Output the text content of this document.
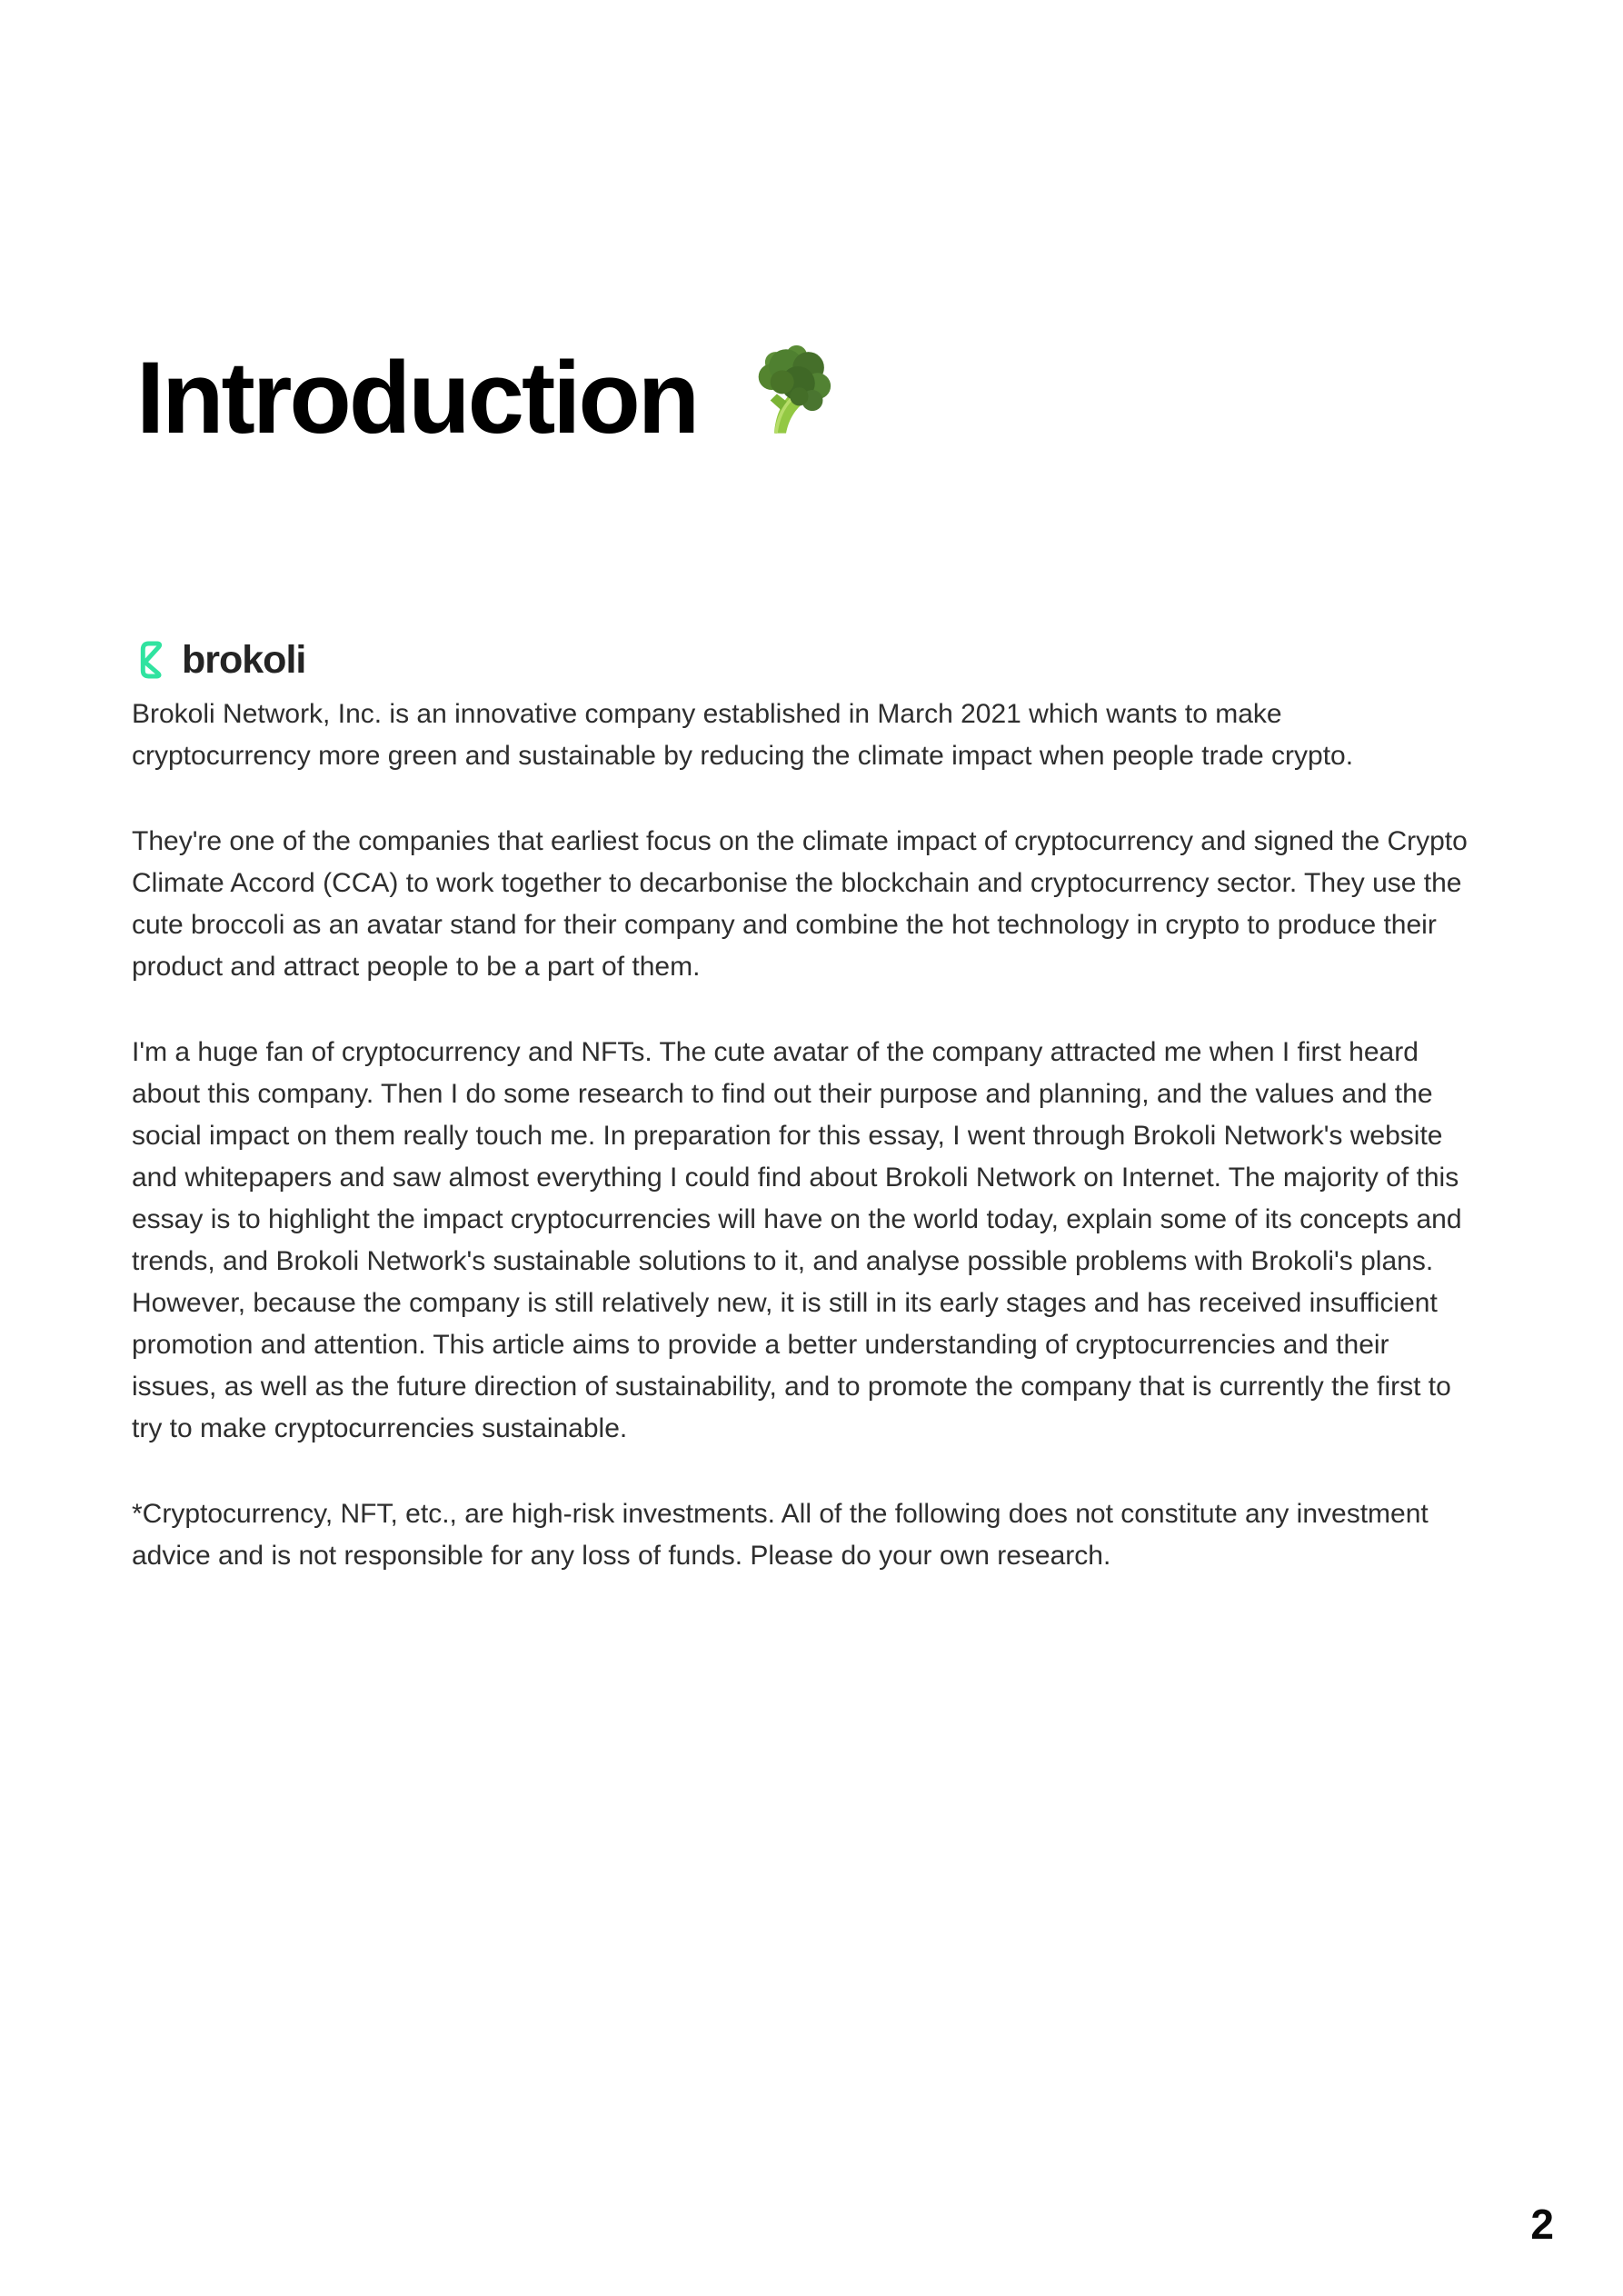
Introduction
brokoli

Brokoli Network, Inc. is an innovative company established in March 2021 which wants to make cryptocurrency more green and sustainable by reducing the climate impact when people trade crypto.

They're one of the companies that earliest focus on the climate impact of cryptocurrency and signed the Crypto Climate Accord (CCA) to work together to decarbonise the blockchain and cryptocurrency sector. They use the cute broccoli as an avatar stand for their company and combine the hot technology in crypto to produce their product and attract people to be a part of them.

I'm a huge fan of cryptocurrency and NFTs. The cute avatar of the company attracted me when I first heard about this company. Then I do some research to find out their purpose and planning, and the values and the social impact on them really touch me. In preparation for this essay, I went through Brokoli Network's website and whitepapers and saw almost everything I could find about Brokoli Network on Internet. The majority of this essay is to highlight the impact cryptocurrencies will have on the world today, explain some of its concepts and trends, and Brokoli Network's sustainable solutions to it, and analyse possible problems with Brokoli's plans. However, because the company is still relatively new, it is still in its early stages and has received insufficient promotion and attention. This article aims to provide a better understanding of cryptocurrencies and their issues, as well as the future direction of sustainability, and to promote the company that is currently the first to try to make cryptocurrencies sustainable.

*Cryptocurrency, NFT, etc., are high-risk investments. All of the following does not constitute any investment advice and is not responsible for any loss of funds. Please do your own research.

2
